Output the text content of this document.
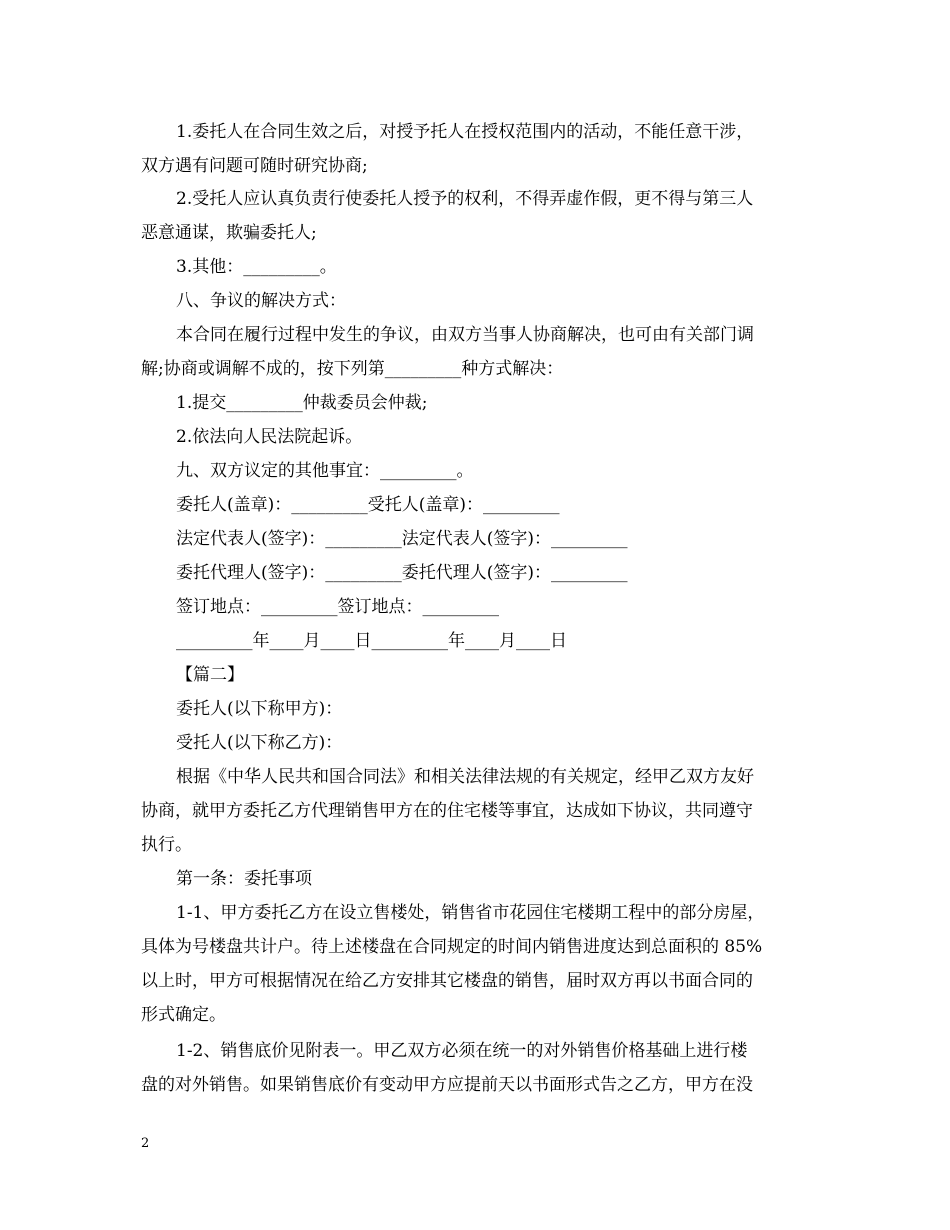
1.委托人在合同生效之后，对授予托人在授权范围内的活动，不能任意干涉，
双方遇有问题可随时研究协商;
2.受托人应认真负责行使委托人授予的权利，不得弄虚作假，更不得与第三人
恶意通谋，欺骗委托人;
3.其他：_________。
八、争议的解决方式：
本合同在履行过程中发生的争议，由双方当事人协商解决，也可由有关部门调
解;协商或调解不成的，按下列第_________种方式解决：
1.提交_________仲裁委员会仲裁;
2.依法向人民法院起诉。
九、双方议定的其他事宜：_________。
委托人(盖章)：_________受托人(盖章)：_________
法定代表人(签字)：_________法定代表人(签字)：_________
委托代理人(签字)：_________委托代理人(签字)：_________
签订地点：_________签订地点：_________
_________年____月____日_________年____月____日
【篇二】
委托人(以下称甲方)：
受托人(以下称乙方)：
根据《中华人民共和国合同法》和相关法律法规的有关规定，经甲乙双方友好
协商，就甲方委托乙方代理销售甲方在的住宅楼等事宜，达成如下协议，共同遵守
执行。
第一条：委托事项
1-1、甲方委托乙方在设立售楼处，销售省市花园住宅楼期工程中的部分房屋，
具体为号楼盘共计户。待上述楼盘在合同规定的时间内销售进度达到总面积的 85%
以上时，甲方可根据情况在给乙方安排其它楼盘的销售，届时双方再以书面合同的
形式确定。
1-2、销售底价见附表一。甲乙双方必须在统一的对外销售价格基础上进行楼
盘的对外销售。如果销售底价有变动甲方应提前天以书面形式告之乙方，甲方在没
2
